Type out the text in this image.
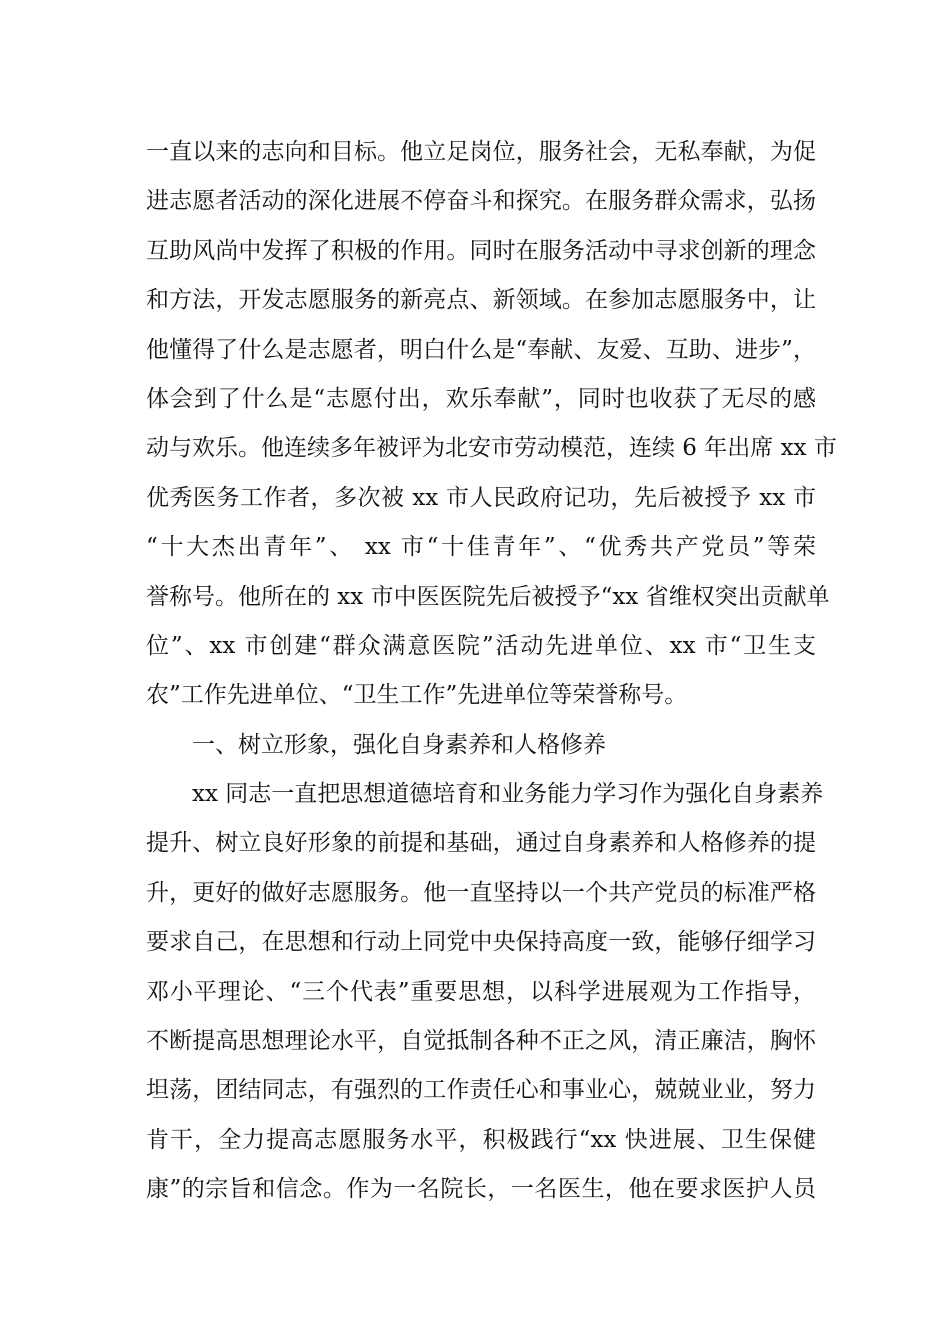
一直以来的志向和目标。他立足岗位，服务社会，无私奉献，为促
进志愿者活动的深化进展不停奋斗和探究。在服务群众需求，弘扬
互助风尚中发挥了积极的作用。同时在服务活动中寻求创新的理念
和方法，开发志愿服务的新亮点、新领域。在参加志愿服务中，让
他懂得了什么是志愿者，明白什么是“奉献、友爱、互助、进步”，
体会到了什么是“志愿付出，欢乐奉献”，同时也收获了无尽的感
动与欢乐。他连续多年被评为北安市劳动模范，连续 6 年出席 xx 市
优秀医务工作者，多次被 xx 市人民政府记功，先后被授予 xx 市
“十大杰出青年”、 xx 市“十佳青年”、“优秀共产党员”等荣
誉称号。他所在的 xx 市中医医院先后被授予“xx 省维权突出贡献单
位”、xx 市创建“群众满意医院”活动先进单位、xx 市“卫生支
农”工作先进单位、“卫生工作”先进单位等荣誉称号。
一、树立形象，强化自身素养和人格修养
xx 同志一直把思想道德培育和业务能力学习作为强化自身素养
提升、树立良好形象的前提和基础，通过自身素养和人格修养的提
升，更好的做好志愿服务。他一直坚持以一个共产党员的标准严格
要求自己，在思想和行动上同党中央保持高度一致，能够仔细学习
邓小平理论、“三个代表”重要思想，以科学进展观为工作指导，
不断提高思想理论水平，自觉抵制各种不正之风，清正廉洁，胸怀
坦荡，团结同志，有强烈的工作责任心和事业心，兢兢业业，努力
肯干，全力提高志愿服务水平，积极践行“xx 快进展、卫生保健
康”的宗旨和信念。作为一名院长，一名医生，他在要求医护人员
